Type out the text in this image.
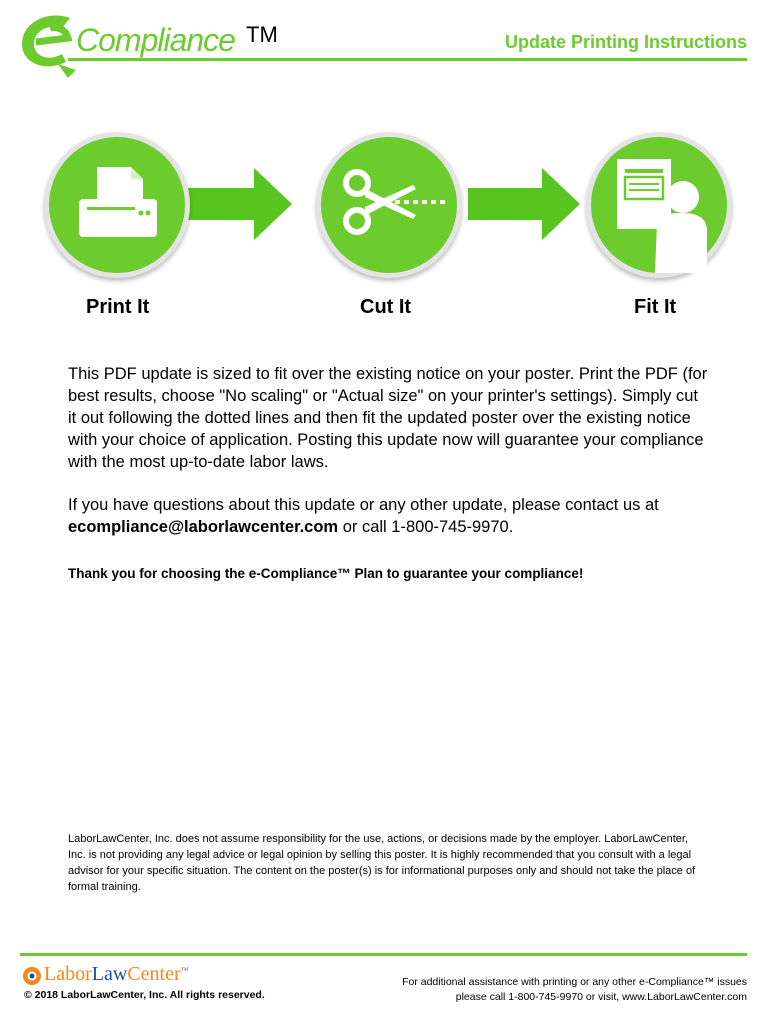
Compliance TM	Update Printing Instructions
Print It	Cut It	Fit It
This PDF update is sized to fit over the existing notice on your poster. Print the PDF (for best results, choose "No scaling" or "Actual size" on your printer's settings). Simply cut it out following the dotted lines and then fit the updated poster over the existing notice with your choice of application. Posting this update now will guarantee your compliance with the most up-to-date labor laws.
If you have questions about this update or any other update, please contact us at
ecompliance@laborlawcenter.com or call 1-800-745-9970.
Thank you for choosing the e-Compliance™ Plan to guarantee your compliance!
LaborLawCenter, Inc. does not assume responsibility for the use, actions, or decisions made by the employer. LaborLawCenter, Inc. is not providing any legal advice or legal opinion by selling this poster. It is highly recommended that you consult with a legal advisor for your specific situation. The content on the poster(s) is for informational purposes only and should not take the place of formal training.
LaborLawCenter™
© 2018 LaborLawCenter, Inc. All rights reserved.
For additional assistance with printing or any other e-Compliance™ issues
please call 1-800-745-9970 or visit, www.LaborLawCenter.com
